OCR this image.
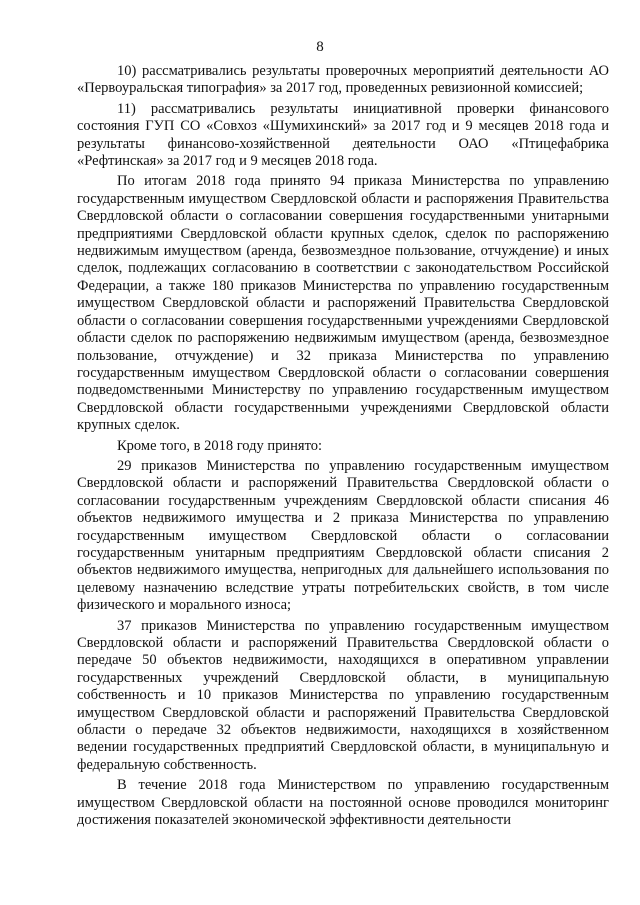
8

10) рассматривались результаты проверочных мероприятий деятельности АО «Первоуральская типография» за 2017 год, проведенных ревизионной комиссией;

11) рассматривались результаты инициативной проверки финансового состояния ГУП СО «Совхоз «Шумихинский» за 2017 год и 9 месяцев 2018 года и результаты финансово-хозяйственной деятельности ОАО «Птицефабрика «Рефтинская» за 2017 год и 9 месяцев 2018 года.

По итогам 2018 года принято 94 приказа Министерства по управлению государственным имуществом Свердловской области и распоряжения Правительства Свердловской области о согласовании совершения государственными унитарными предприятиями Свердловской области крупных сделок, сделок по распоряжению недвижимым имуществом (аренда, безвозмездное пользование, отчуждение) и иных сделок, подлежащих согласованию в соответствии с законодательством Российской Федерации, а также 180 приказов Министерства по управлению государственным имуществом Свердловской области и распоряжений Правительства Свердловской области о согласовании совершения государственными учреждениями Свердловской области сделок по распоряжению недвижимым имуществом (аренда, безвозмездное пользование, отчуждение) и 32 приказа Министерства по управлению государственным имуществом Свердловской области о согласовании совершения подведомственными Министерству по управлению государственным имуществом Свердловской области государственными учреждениями Свердловской области крупных сделок.

Кроме того, в 2018 году принято:

29 приказов Министерства по управлению государственным имуществом Свердловской области и распоряжений Правительства Свердловской области о согласовании государственным учреждениям Свердловской области списания 46 объектов недвижимого имущества и 2 приказа Министерства по управлению государственным имуществом Свердловской области о согласовании государственным унитарным предприятиям Свердловской области списания 2 объектов недвижимого имущества, непригодных для дальнейшего использования по целевому назначению вследствие утраты потребительских свойств, в том числе физического и морального износа;

37 приказов Министерства по управлению государственным имуществом Свердловской области и распоряжений Правительства Свердловской области о передаче 50 объектов недвижимости, находящихся в оперативном управлении государственных учреждений Свердловской области, в муниципальную собственность и 10 приказов Министерства по управлению государственным имуществом Свердловской области и распоряжений Правительства Свердловской области о передаче 32 объектов недвижимости, находящихся в хозяйственном ведении государственных предприятий Свердловской области, в муниципальную и федеральную собственность.

В течение 2018 года Министерством по управлению государственным имуществом Свердловской области на постоянной основе проводился мониторинг достижения показателей экономической эффективности деятельности
